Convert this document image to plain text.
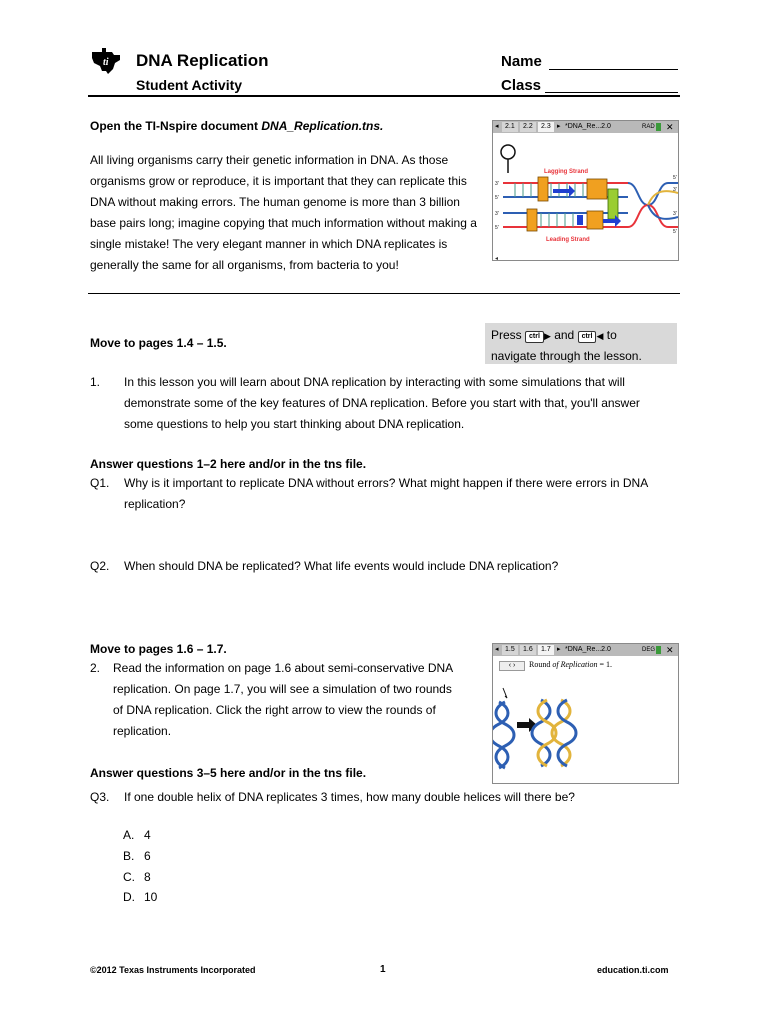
ti DNA Replication
Student Activity
Name
Class
Open the TI-Nspire document DNA_Replication.tns.
All living organisms carry their genetic information in DNA. As those organisms grow or reproduce, it is important that they can replicate this DNA without making errors. The human genome is more than 3 billion base pairs long; imagine copying that much information without making a single mistake! The very elegant manner in which DNA replicates is generally the same for all organisms, from bacteria to you!
◂ 2.1	2.2	2.3 ▸ *DNA_Re...2.0	RAD ✕
Lagging Strand
Leading Strand
3'
5'
3'
5'
5'
3'
3'
5'
◂
Move to pages 1.4 – 1.5.
Press ctrl ▶ and ctrl ◀ to
navigate through the lesson.
1. In this lesson you will learn about DNA replication by interacting with some simulations that will
demonstrate some of the key features of DNA replication. Before you start with that, you'll answer
some questions to help you start thinking about DNA replication.
Answer questions 1–2 here and/or in the tns file.
Q1. Why is it important to replicate DNA without errors? What might happen if there were errors in DNA
replication?
Q2. When should DNA be replicated? What life events would include DNA replication?
Move to pages 1.6 – 1.7.
2. Read the information on page 1.6 about semi-conservative DNA
replication. On page 1.7, you will see a simulation of two rounds
of DNA replication. Click the right arrow to view the rounds of
replication.
◂ 1.5	1.6	1.7 ▸ *DNA_Re...2.0	DEG ✕
‹ ›	Round of Replication = 1.
Answer questions 3–5 here and/or in the tns file.
Q3. If one double helix of DNA replicates 3 times, how many double helices will there be?
A. 4
B. 6
C. 8
D. 10
©2012 Texas Instruments Incorporated	1	education.ti.com
